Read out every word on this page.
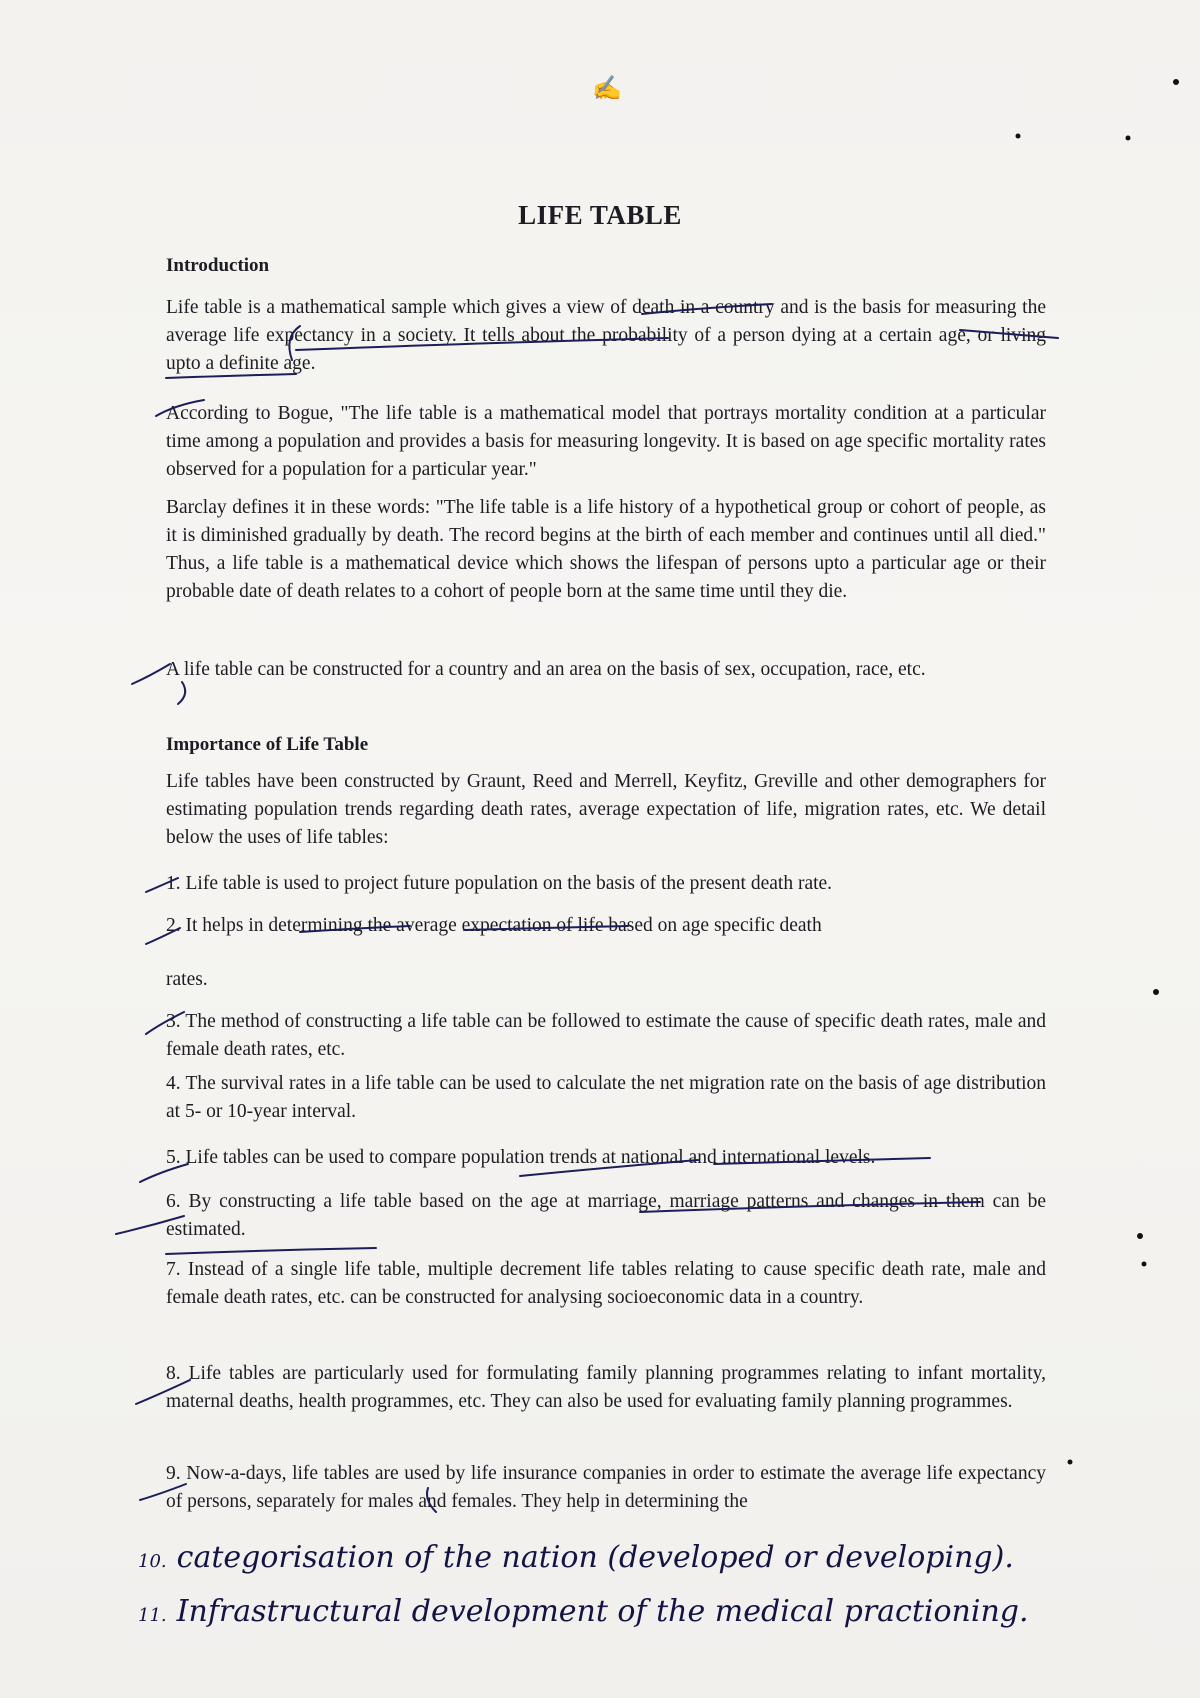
✍
LIFE TABLE
Introduction
Life table is a mathematical sample which gives a view of death in a country and is the basis for measuring the average life expectancy in a society. It tells about the probability of a person dying at a certain age, or living upto a definite age.
According to Bogue, "The life table is a mathematical model that portrays mortality condition at a particular time among a population and provides a basis for measuring longevity. It is based on age specific mortality rates observed for a population for a particular year."
Barclay defines it in these words: "The life table is a life history of a hypothetical group or cohort of people, as it is diminished gradually by death. The record begins at the birth of each member and continues until all died." Thus, a life table is a mathematical device which shows the lifespan of persons upto a particular age or their probable date of death relates to a cohort of people born at the same time until they die.
A life table can be constructed for a country and an area on the basis of sex, occupation, race, etc.
Importance of Life Table
Life tables have been constructed by Graunt, Reed and Merrell, Keyfitz, Greville and other demographers for estimating population trends regarding death rates, average expectation of life, migration rates, etc. We detail below the uses of life tables:
1. Life table is used to project future population on the basis of the present death rate.
2. It helps in determining the average expectation of life based on age specific death
rates.
3. The method of constructing a life table can be followed to estimate the cause of specific death rates, male and female death rates, etc.
4. The survival rates in a life table can be used to calculate the net migration rate on the basis of age distribution at 5- or 10-year interval.
5. Life tables can be used to compare population trends at national and international levels.
6. By constructing a life table based on the age at marriage, marriage patterns and changes in them can be estimated.
7. Instead of a single life table, multiple decrement life tables relating to cause specific death rate, male and female death rates, etc. can be constructed for analysing socioeconomic data in a country.
8. Life tables are particularly used for formulating family planning programmes relating to infant mortality, maternal deaths, health programmes, etc. They can also be used for evaluating family planning programmes.
9. Now-a-days, life tables are used by life insurance companies in order to estimate the average life expectancy of persons, separately for males and females. They help in determining the
10. categorisation of the nation (developed or developing).
11. Infrastructural development of the medical practioning.
